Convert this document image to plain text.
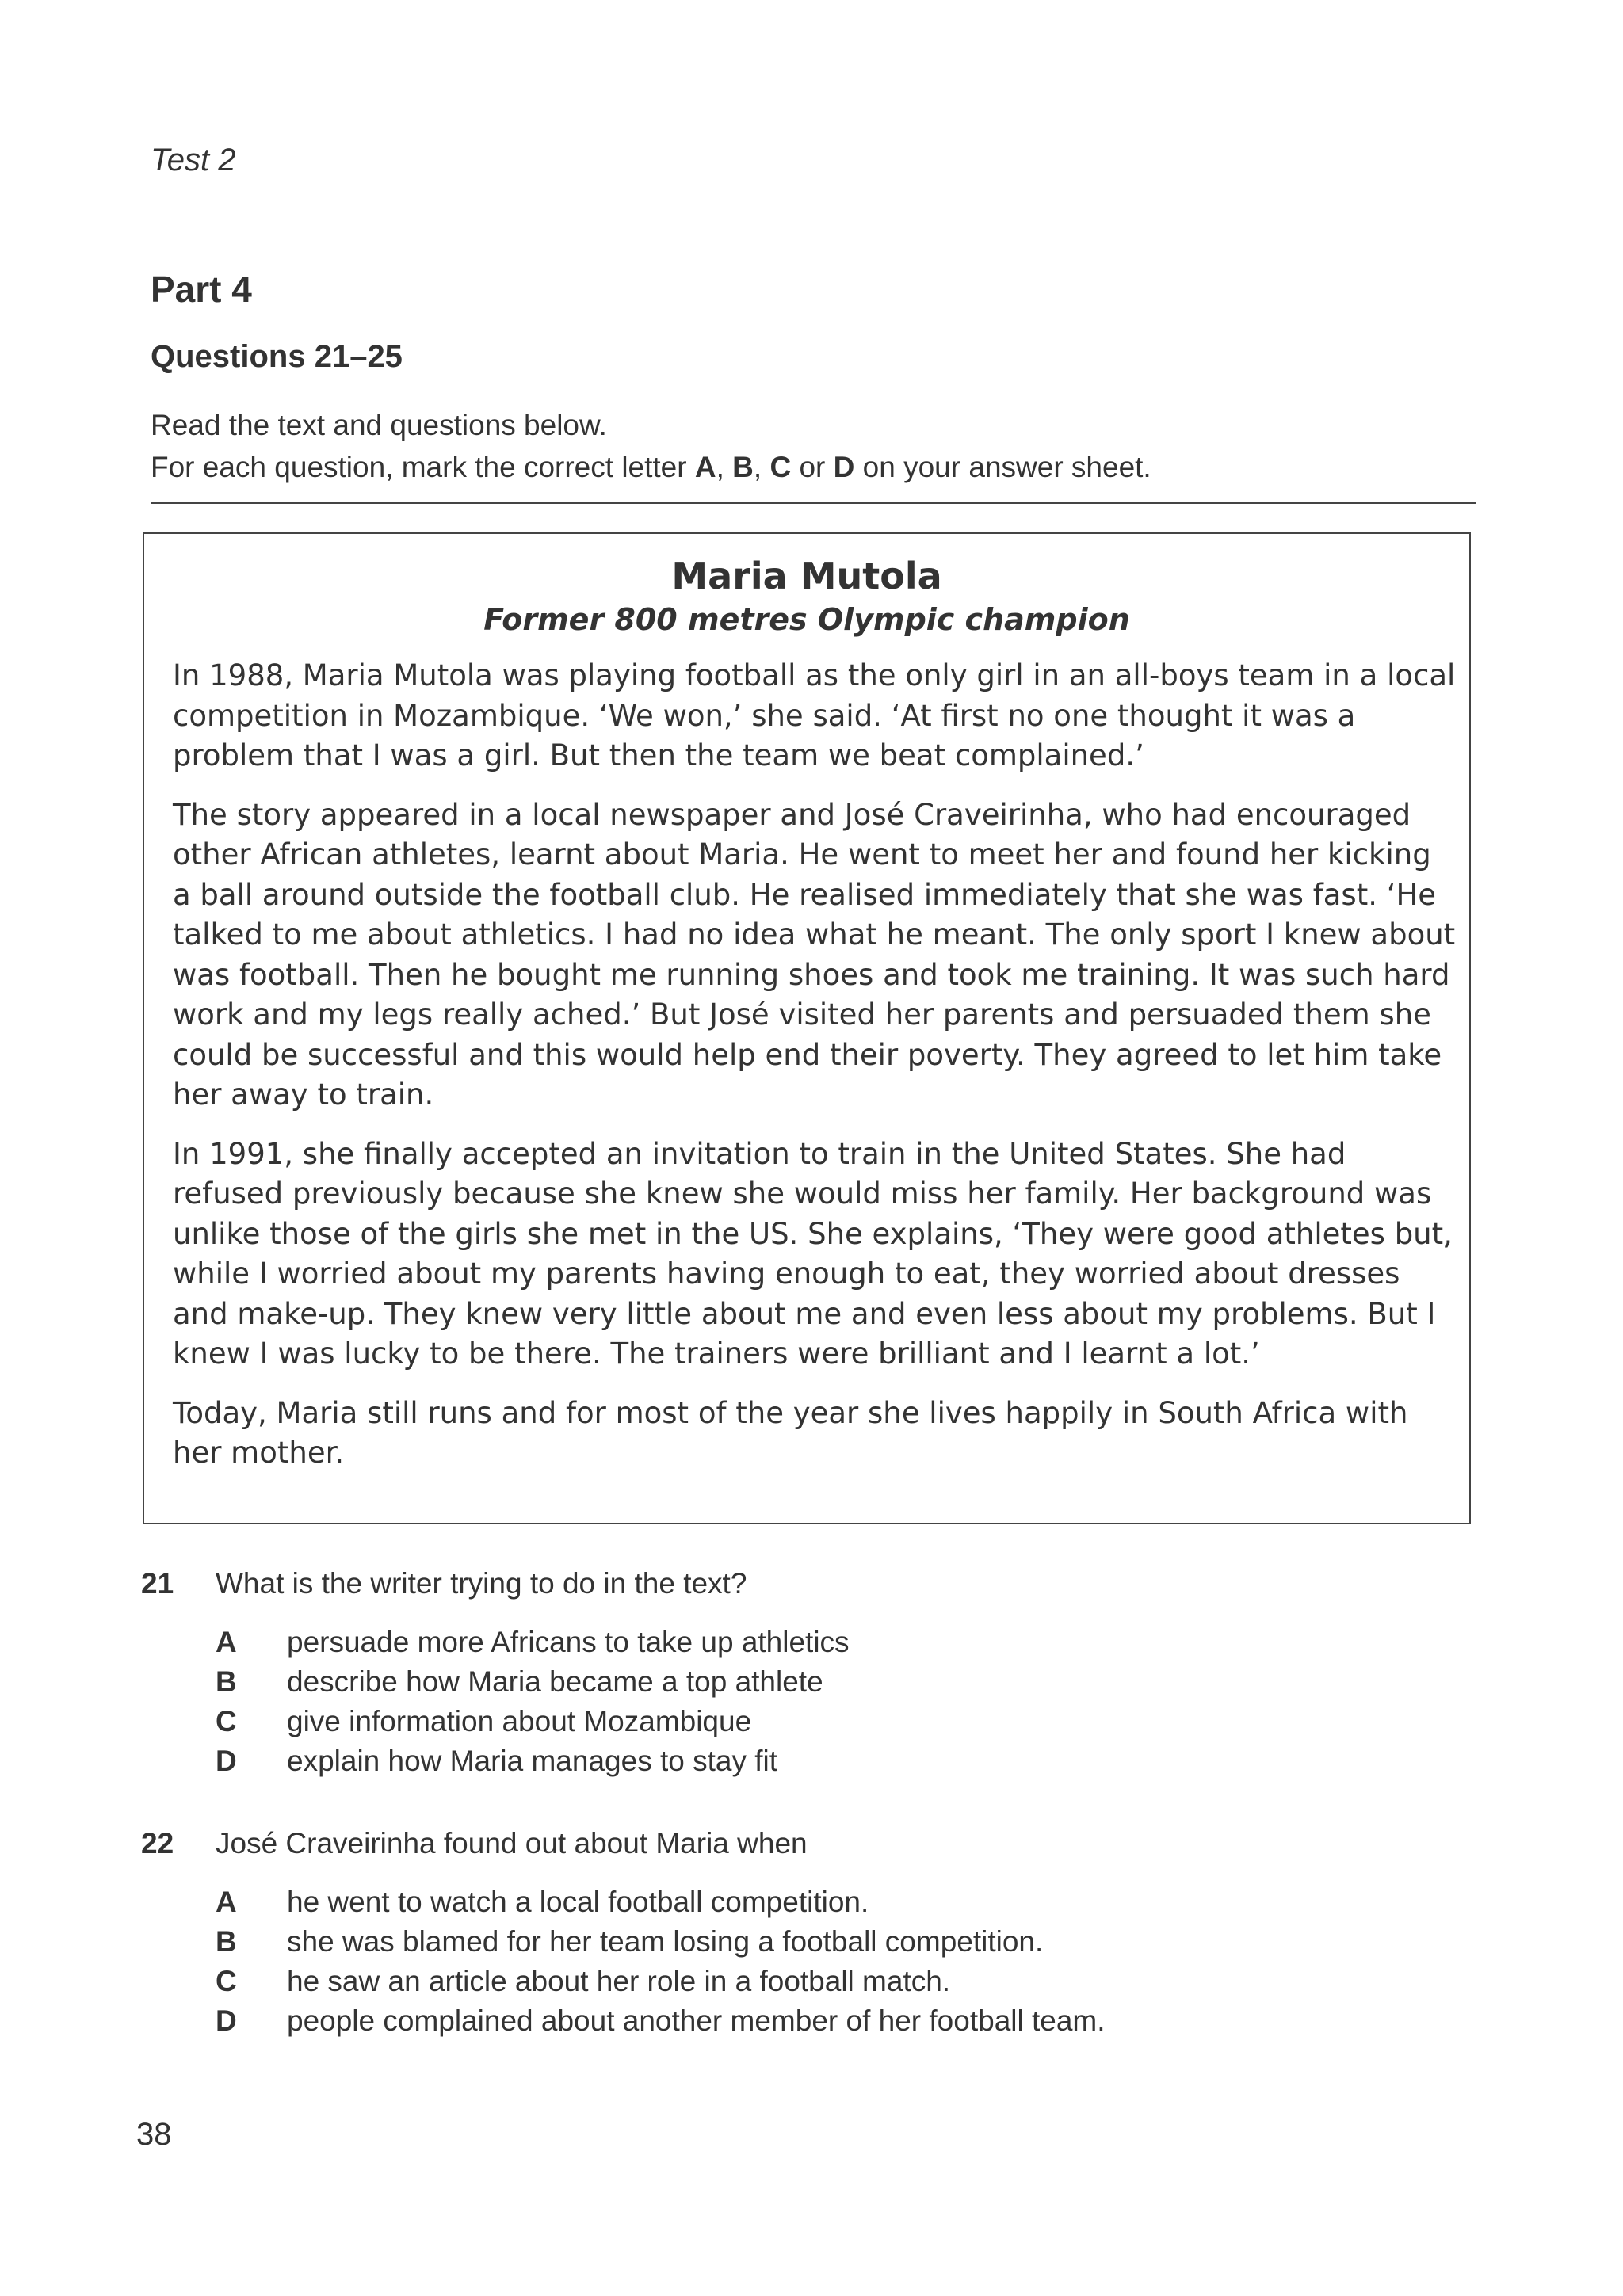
Test 2
Part 4
Questions 21–25
Read the text and questions below.
For each question, mark the correct letter A, B, C or D on your answer sheet.
Maria Mutola
Former 800 metres Olympic champion

In 1988, Maria Mutola was playing football as the only girl in an all-boys team in a local competition in Mozambique. ‘We won,’ she said. ‘At first no one thought it was a problem that I was a girl. But then the team we beat complained.’

The story appeared in a local newspaper and José Craveirinha, who had encouraged other African athletes, learnt about Maria. He went to meet her and found her kicking a ball around outside the football club. He realised immediately that she was fast. ‘He talked to me about athletics. I had no idea what he meant. The only sport I knew about was football. Then he bought me running shoes and took me training. It was such hard work and my legs really ached.’ But José visited her parents and persuaded them she could be successful and this would help end their poverty. They agreed to let him take her away to train.

In 1991, she finally accepted an invitation to train in the United States. She had refused previously because she knew she would miss her family. Her background was unlike those of the girls she met in the US. She explains, ‘They were good athletes but, while I worried about my parents having enough to eat, they worried about dresses and make-up. They knew very little about me and even less about my problems. But I knew I was lucky to be there. The trainers were brilliant and I learnt a lot.’

Today, Maria still runs and for most of the year she lives happily in South Africa with her mother.

21 What is the writer trying to do in the text?
A persuade more Africans to take up athletics
B describe how Maria became a top athlete
C give information about Mozambique
D explain how Maria manages to stay fit
22 José Craveirinha found out about Maria when
A he went to watch a local football competition.
B she was blamed for her team losing a football competition.
C he saw an article about her role in a football match.
D people complained about another member of her football team.
38
